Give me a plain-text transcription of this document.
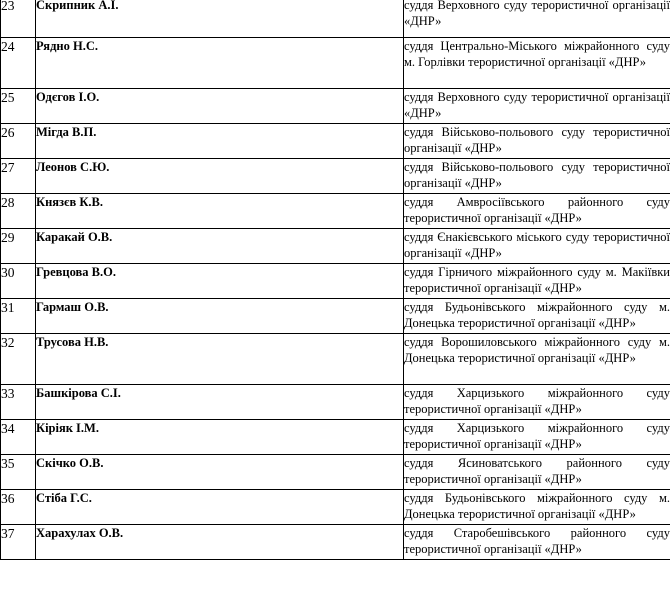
23	Скрипник А.І.	суддя Верховного суду терористичної організації «ДНР»
24	Рядно Н.С.	суддя Центрально-Міського міжрайонного суду м. Горлівки терористичної організації «ДНР»
25	Одєгов І.О.	суддя Верховного суду терористичної організації «ДНР»
26	Мігда В.П.	суддя Військово-польового суду терористичної організації «ДНР»
27	Леонов С.Ю.	суддя Військово-польового суду терористичної організації «ДНР»
28	Князєв К.В.	суддя Амвросіївського районного суду терористичної організації «ДНР»
29	Каракай О.В.	суддя Єнакієвського міського суду терористичної організації «ДНР»
30	Гревцова В.О.	суддя Гірничого міжрайонного суду м. Макіївки терористичної організації «ДНР»
31	Гармаш О.В.	суддя Будьонівського міжрайонного суду м. Донецька терористичної організації «ДНР»
32	Трусова Н.В.	суддя Ворошиловського міжрайонного суду м. Донецька терористичної організації «ДНР»
33	Башкірова С.І.	суддя Харцизького міжрайонного суду терористичної організації «ДНР»
34	Кіріяк І.М.	суддя Харцизького міжрайонного суду терористичної організації «ДНР»
35	Скічко О.В.	суддя Ясиноватського районного суду терористичної організації «ДНР»
36	Стіба Г.С.	суддя Будьонівського міжрайонного суду м. Донецька терористичної організації «ДНР»
37	Харахулах О.В.	суддя Старобешівського районного суду терористичної організації «ДНР»
